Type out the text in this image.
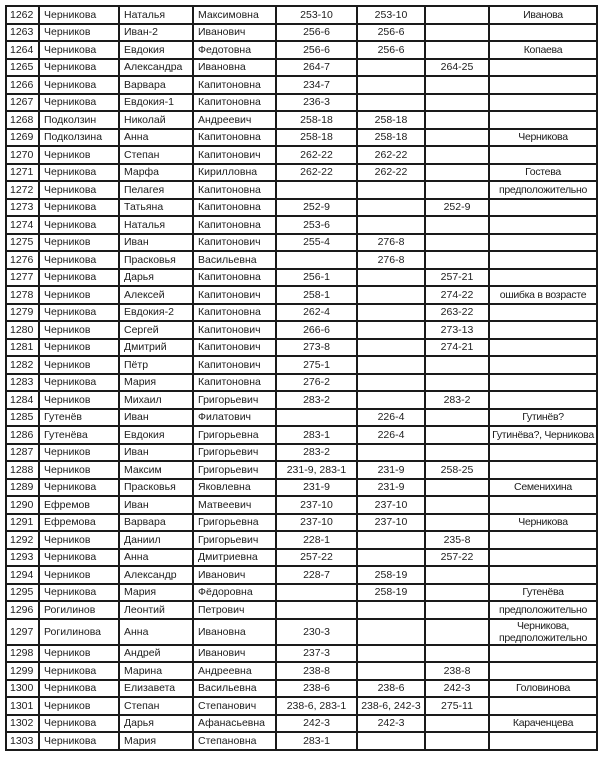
1262	Черникова	Наталья	Максимовна	253-10	253-10		Иванова
1263	Черников	Иван-2	Иванович	256-6	256-6		
1264	Черникова	Евдокия	Федотовна	256-6	256-6		Копаева
1265	Черникова	Александра	Ивановна	264-7		264-25	
1266	Черникова	Варвара	Капитоновна	234-7			
1267	Черникова	Евдокия-1	Капитоновна	236-3			
1268	Подколзин	Николай	Андреевич	258-18	258-18		
1269	Подколзина	Анна	Капитоновна	258-18	258-18		Черникова
1270	Черников	Степан	Капитонович	262-22	262-22		
1271	Черникова	Марфа	Кирилловна	262-22	262-22		Гостева
1272	Черникова	Пелагея	Капитоновна				предположительно
1273	Черникова	Татьяна	Капитоновна	252-9		252-9	
1274	Черникова	Наталья	Капитоновна	253-6			
1275	Черников	Иван	Капитонович	255-4	276-8		
1276	Черникова	Прасковья	Васильевна		276-8		
1277	Черникова	Дарья	Капитоновна	256-1		257-21	
1278	Черников	Алексей	Капитонович	258-1		274-22	ошибка в возрасте
1279	Черникова	Евдокия-2	Капитоновна	262-4		263-22	
1280	Черников	Сергей	Капитонович	266-6		273-13	
1281	Черников	Дмитрий	Капитонович	273-8		274-21	
1282	Черников	Пётр	Капитонович	275-1			
1283	Черникова	Мария	Капитоновна	276-2			
1284	Черников	Михаил	Григорьевич	283-2		283-2	
1285	Гутенёв	Иван	Филатович		226-4		Гутинёв?
1286	Гутенёва	Евдокия	Григорьевна	283-1	226-4		Гутинёва?, Черникова
1287	Черников	Иван	Григорьевич	283-2			
1288	Черников	Максим	Григорьевич	231-9, 283-1	231-9	258-25	
1289	Черникова	Прасковья	Яковлевна	231-9	231-9		Семенихина
1290	Ефремов	Иван	Матвеевич	237-10	237-10		
1291	Ефремова	Варвара	Григорьевна	237-10	237-10		Черникова
1292	Черников	Даниил	Григорьевич	228-1		235-8	
1293	Черникова	Анна	Дмитриевна	257-22		257-22	
1294	Черников	Александр	Иванович	228-7	258-19		
1295	Черникова	Мария	Фёдоровна		258-19		Гутенёва
1296	Рогилинов	Леонтий	Петрович				предположительно
1297	Рогилинова	Анна	Ивановна	230-3			Черникова, предположительно
1298	Черников	Андрей	Иванович	237-3			
1299	Черникова	Марина	Андреевна	238-8		238-8	
1300	Черникова	Елизавета	Васильевна	238-6	238-6	242-3	Головинова
1301	Черников	Степан	Степанович	238-6, 283-1	238-6, 242-3	275-11	
1302	Черникова	Дарья	Афанасьевна	242-3	242-3		Караченцева
1303	Черникова	Мария	Степановна	283-1			
